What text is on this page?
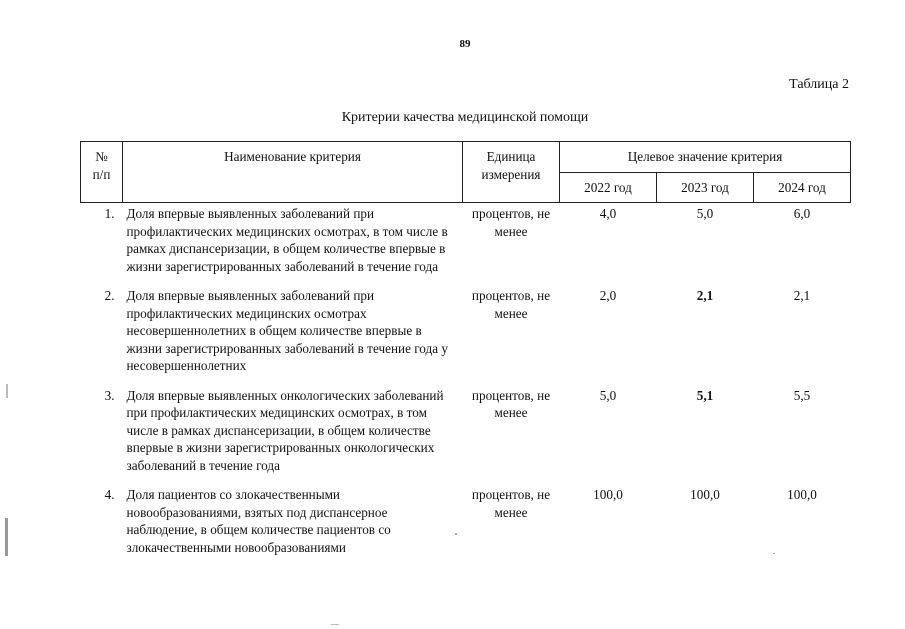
89
Таблица 2
Критерии качества медицинской помощи
№ п/п	Наименование критерия	Единица измерения	Целевое значение критерия		
			2022 год	2023 год	2024 год
1.	Доля впервые выявленных заболеваний при профилактических медицинских осмотрах, в том числе в рамках диспансеризации, в общем количестве впервые в жизни зарегистрированных заболеваний в течение года	процентов, не менее	4,0	5,0	6,0
2.	Доля впервые выявленных заболеваний при профилактических медицинских осмотрах несовершеннолетних в общем количестве впервые в жизни зарегистрированных заболеваний в течение года у несовершеннолетних	процентов, не менее	2,0	2,1	2,1
3.	Доля впервые выявленных онкологических заболеваний при профилактических медицинских осмотрах, в том числе в рамках диспансеризации, в общем количестве впервые в жизни зарегистрированных онкологических заболеваний в течение года	процентов, не менее	5,0	5,1	5,5
4.	Доля пациентов со злокачественными новообразованиями, взятых под диспансерное наблюдение, в общем количестве пациентов со злокачественными новообразованиями	процентов, не менее	100,0	100,0	100,0
